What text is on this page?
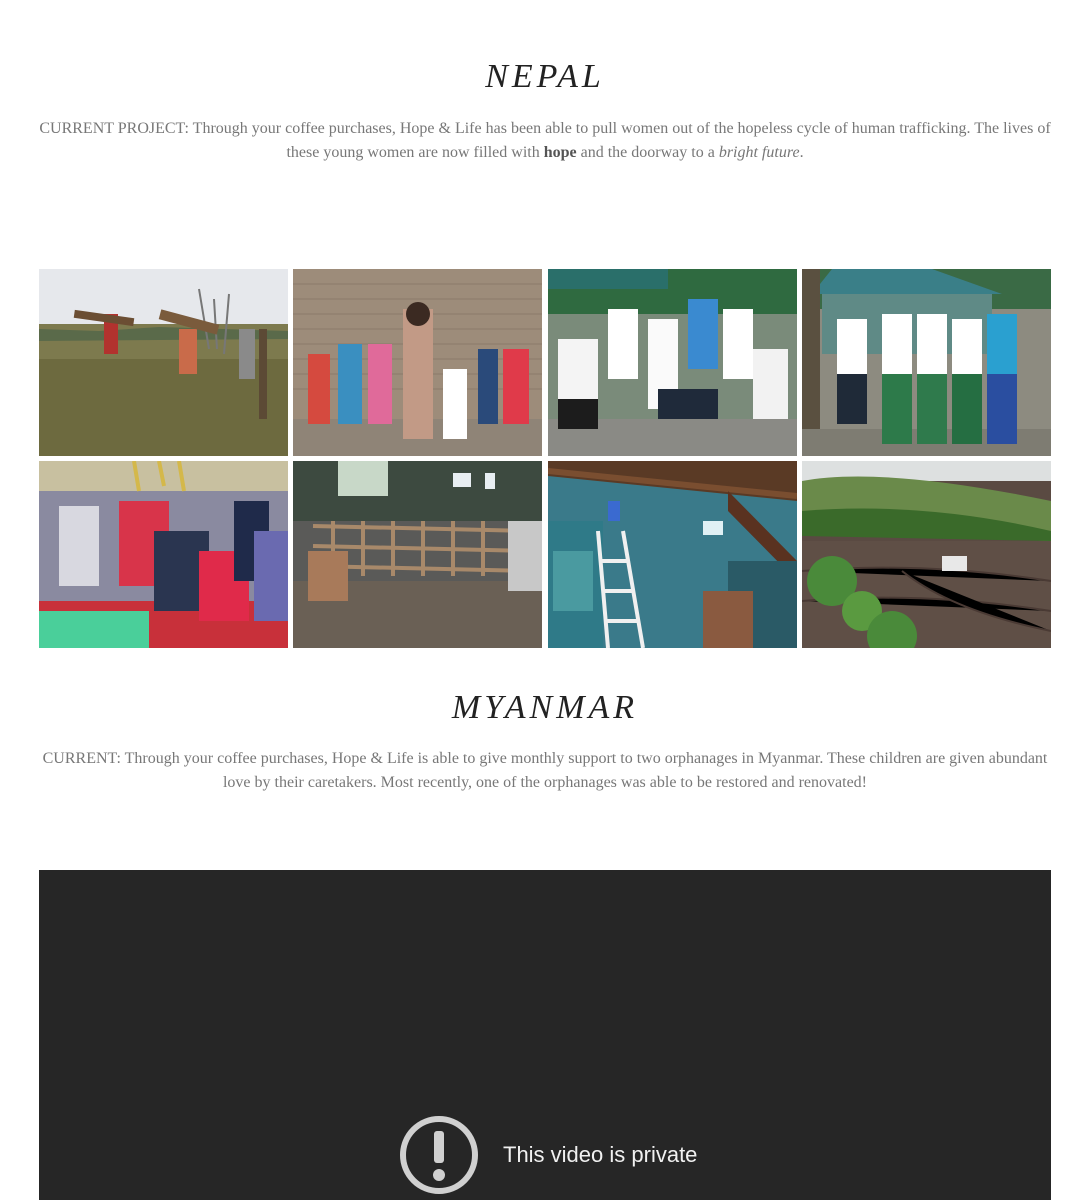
NEPAL

CURRENT PROJECT: Through your coffee purchases, Hope & Life has been able to pull women out of the hopeless cycle of human trafficking. The lives of these young women are now filled with hope and the doorway to a bright future.

MYANMAR

CURRENT: Through your coffee purchases, Hope & Life is able to give monthly support to two orphanages in Myanmar. These children are given abundant love by their caretakers. Most recently, one of the orphanages was able to be restored and renovated!

This video is private
